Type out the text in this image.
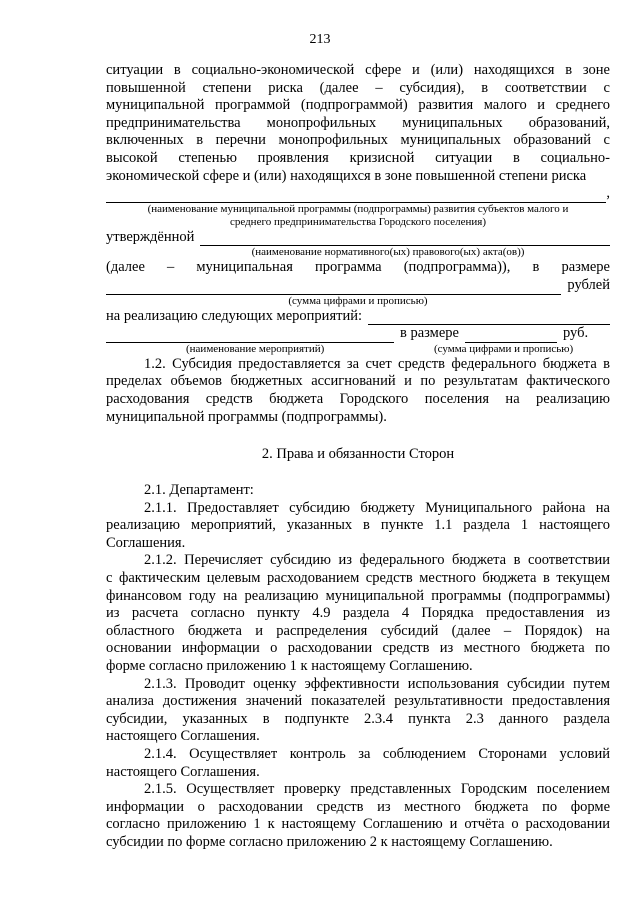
213
ситуации в социально-экономической сфере и (или) находящихся в зоне
повышенной степени риска (далее – субсидия), в соответствии с
муниципальной программой (подпрограммой) развития малого и среднего
предпринимательства монопрофильных муниципальных образований,
включенных в перечни монопрофильных муниципальных образований с
высокой степенью проявления кризисной ситуации в социально-
экономической сфере и (или) находящихся в зоне повышенной степени риска
,
(наименование муниципальной программы (подпрограммы) развития субъектов малого и
среднего предпринимательства Городского поселения)
утверждённой
(наименование нормативного(ых) правового(ых) акта(ов))
(далее – муниципальная программа (подпрограмма)), в размере
рублей
(сумма цифрами и прописью)
на реализацию следующих мероприятий:
в размере	руб.
(наименование мероприятий)	(сумма цифрами и прописью)
1.2. Субсидия предоставляется за счет средств федерального бюджета в
пределах объемов бюджетных ассигнований и по результатам фактического
расходования средств бюджета Городского поселения на реализацию
муниципальной программы (подпрограммы).
2. Права и обязанности Сторон
2.1. Департамент:
2.1.1. Предоставляет субсидию бюджету Муниципального района на
реализацию мероприятий, указанных в пункте 1.1 раздела 1 настоящего
Соглашения.
2.1.2. Перечисляет субсидию из федерального бюджета в соответствии
с фактическим целевым расходованием средств местного бюджета в текущем
финансовом году на реализацию муниципальной программы (подпрограммы)
из расчета согласно пункту 4.9 раздела 4 Порядка предоставления из
областного бюджета и распределения субсидий (далее – Порядок) на
основании информации о расходовании средств из местного бюджета по
форме согласно приложению 1 к настоящему Соглашению.
2.1.3. Проводит оценку эффективности использования субсидии путем
анализа достижения значений показателей результативности предоставления
субсидии, указанных в подпункте 2.3.4 пункта 2.3 данного раздела
настоящего Соглашения.
2.1.4. Осуществляет контроль за соблюдением Сторонами условий
настоящего Соглашения.
2.1.5. Осуществляет проверку представленных Городским поселением
информации о расходовании средств из местного бюджета по форме
согласно приложению 1 к настоящему Соглашению и отчёта о расходовании
субсидии по форме согласно приложению 2 к настоящему Соглашению.
